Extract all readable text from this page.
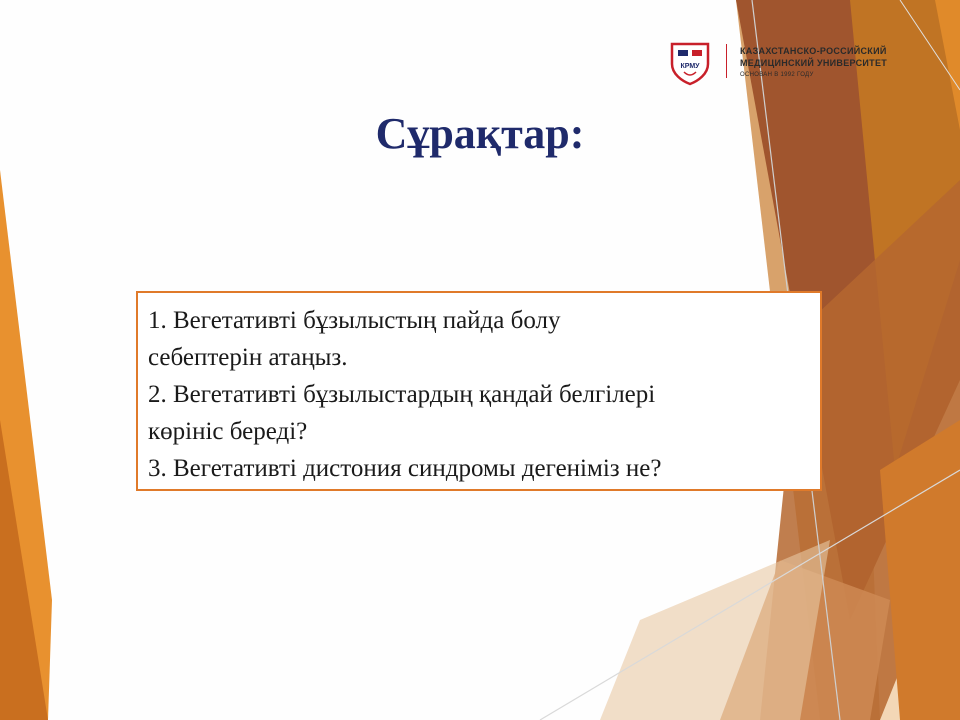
КРМУ
КАЗАХСТАНСКО-РОССИЙСКИЙ
МЕДИЦИНСКИЙ УНИВЕРСИТЕТ
ОСНОВАН В 1992 ГОДУ
Сұрақтар:
1. Вегетативті бұзылыстың пайда болу
себептерін атаңыз.
2. Вегетативті бұзылыстардың қандай белгілері
көрініс береді?
3. Вегетативті дистония синдромы дегеніміз не?
